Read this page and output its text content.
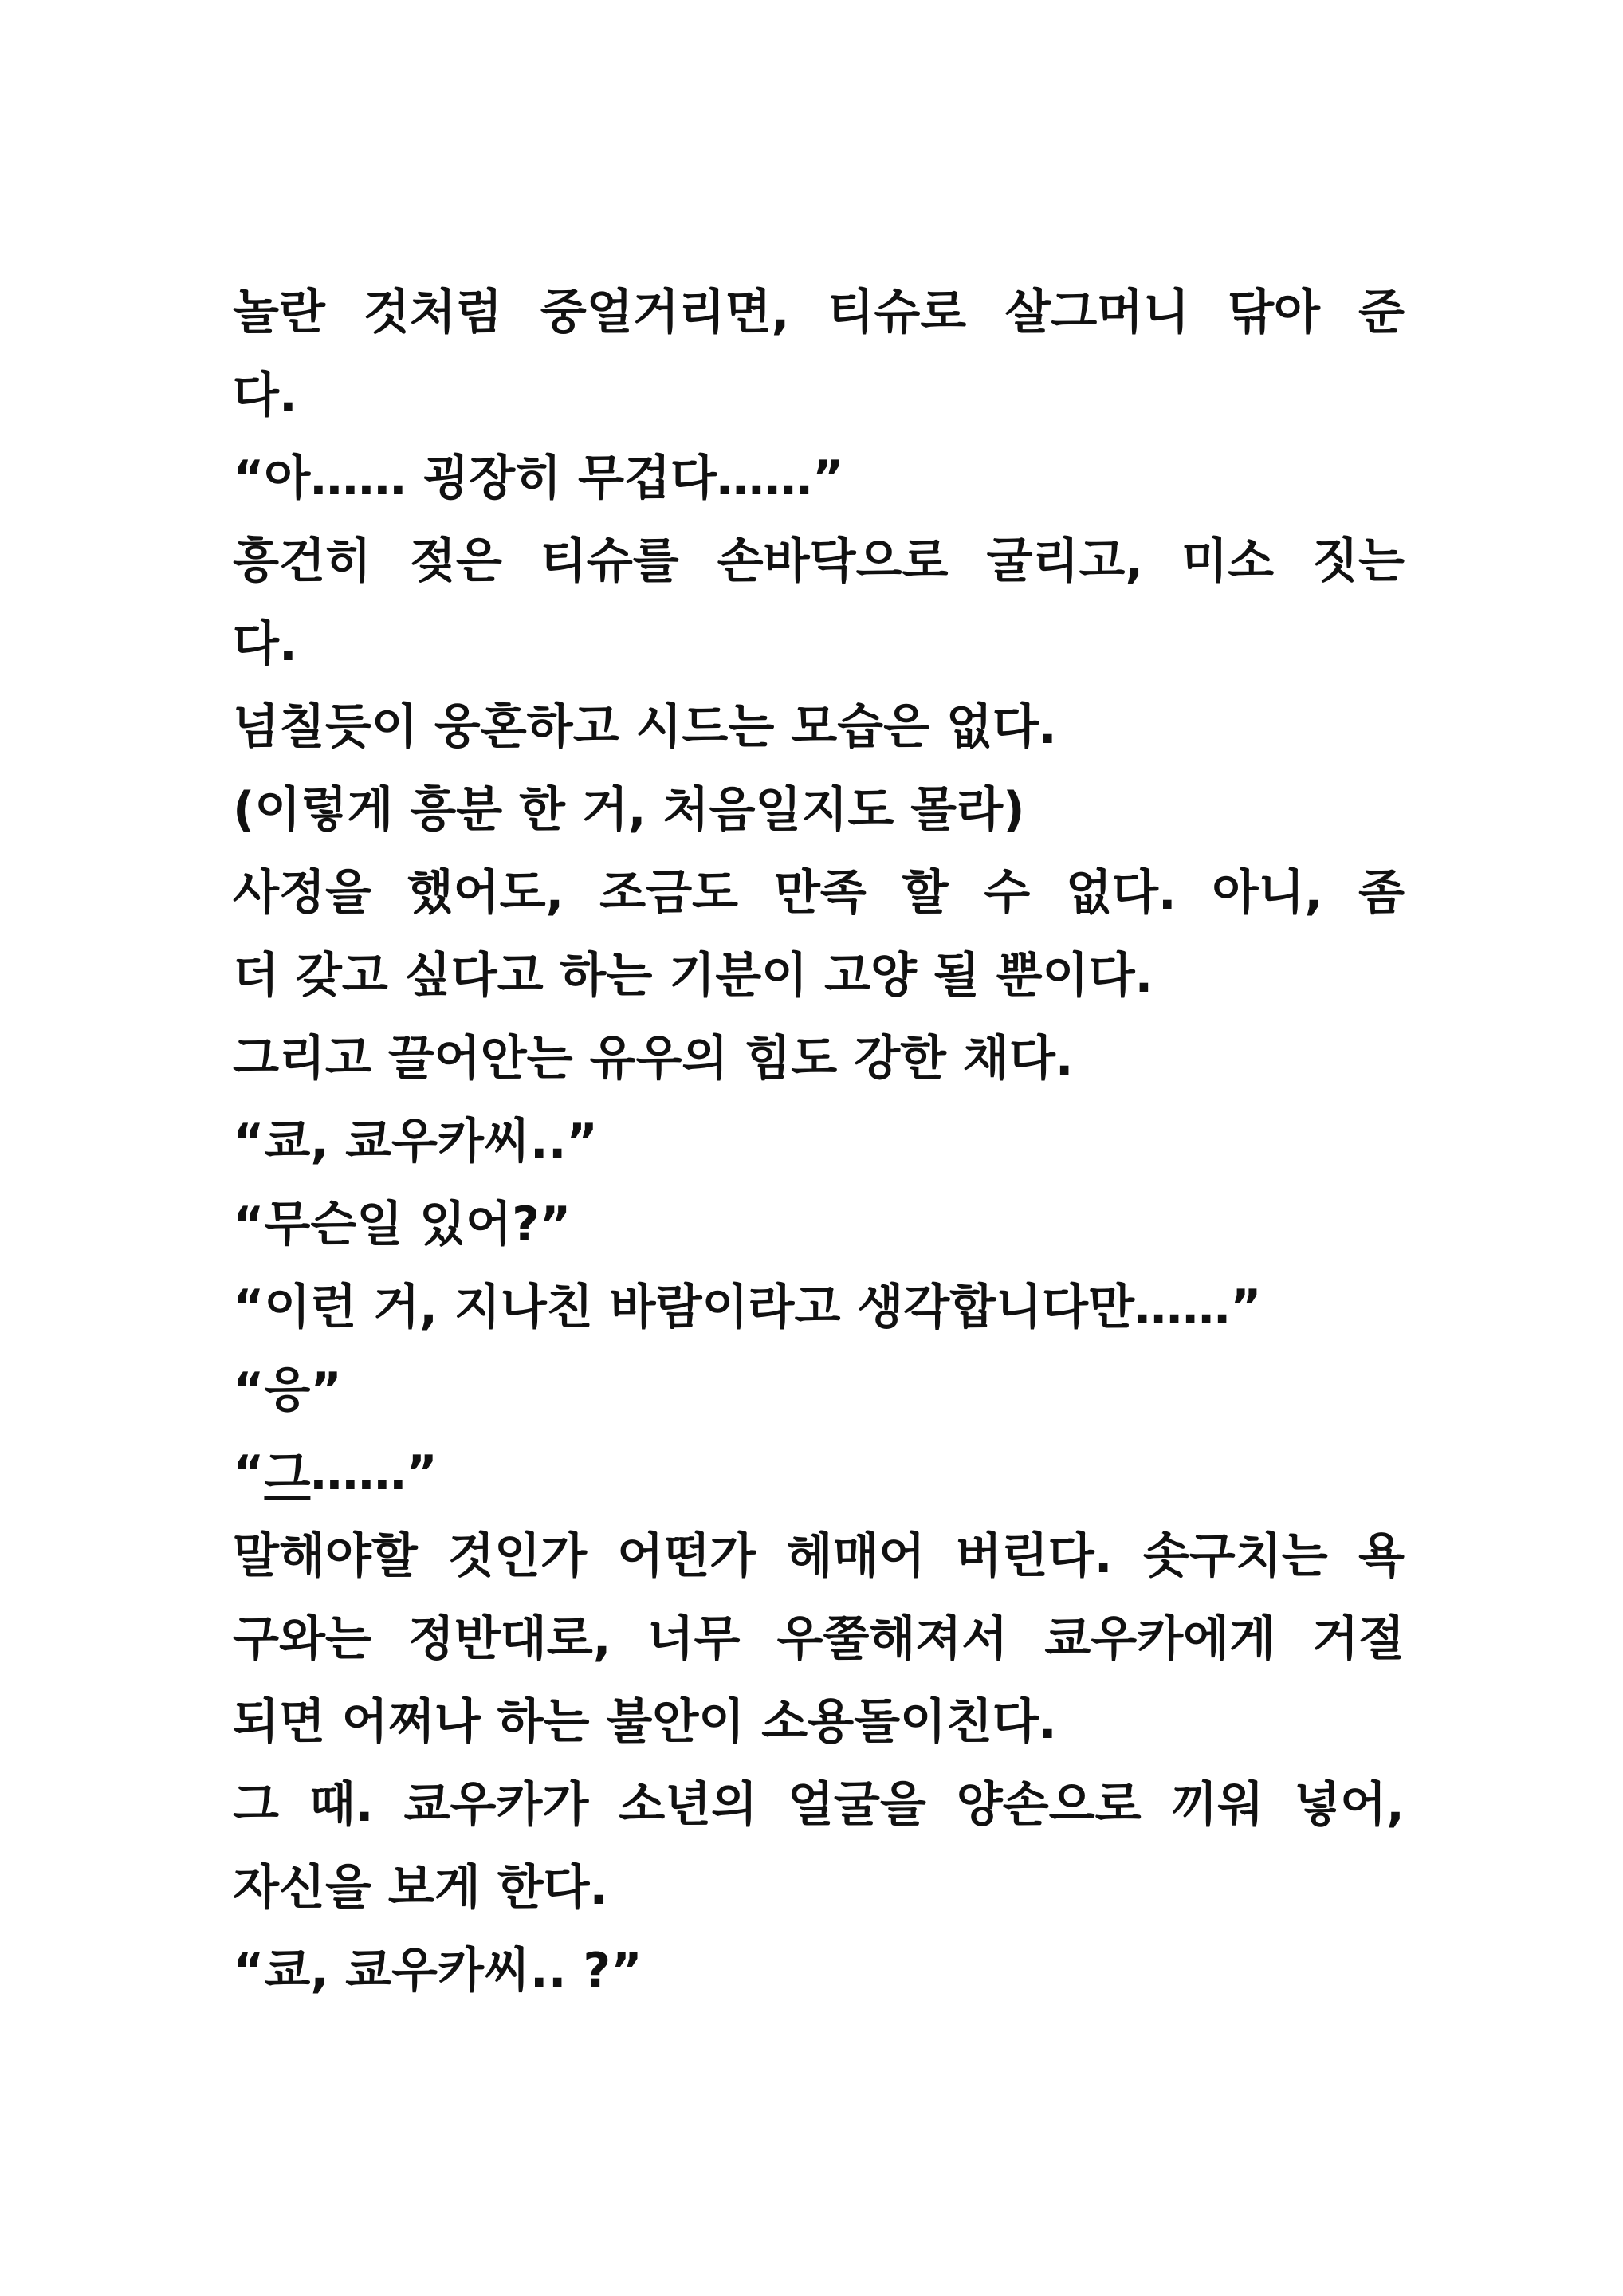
놀란 것처럼 중얼거리면, 티슈로 살그머니 닦아 준
다.
“아…… 굉장히 무겁다……”
흥건히 젖은 티슈를 손바닥으로 굴리고, 미소 짓는
다.
넘칠듯이 웅혼하고 시드는 모습은 없다.
(이렇게 흥분 한 거, 처음일지도 몰라)
사정을 했어도, 조금도 만족 할 수 없다. 아니, 좀
더 갖고 싶다고 하는 기분이 고양 될 뿐이다.
그리고 끌어안는 유우의 힘도 강한 채다.
“쿄, 쿄우카씨..”
“무슨일 있어?”
“이런 거, 지나친 바람이라고 생각합니다만……”
“응”
“그……”
말해야할 것인가 어떤가 헤매어 버린다. 솟구치는 욕
구와는 정반대로, 너무 우쭐해져서 쿄우카에게 거절
되면 어쩌나 하는 불안이 소용돌이친다.
그 때. 쿄우카가 소년의 얼굴을 양손으로 끼워 넣어,
자신을 보게 한다.
“쿄, 쿄우카씨.. ?”
